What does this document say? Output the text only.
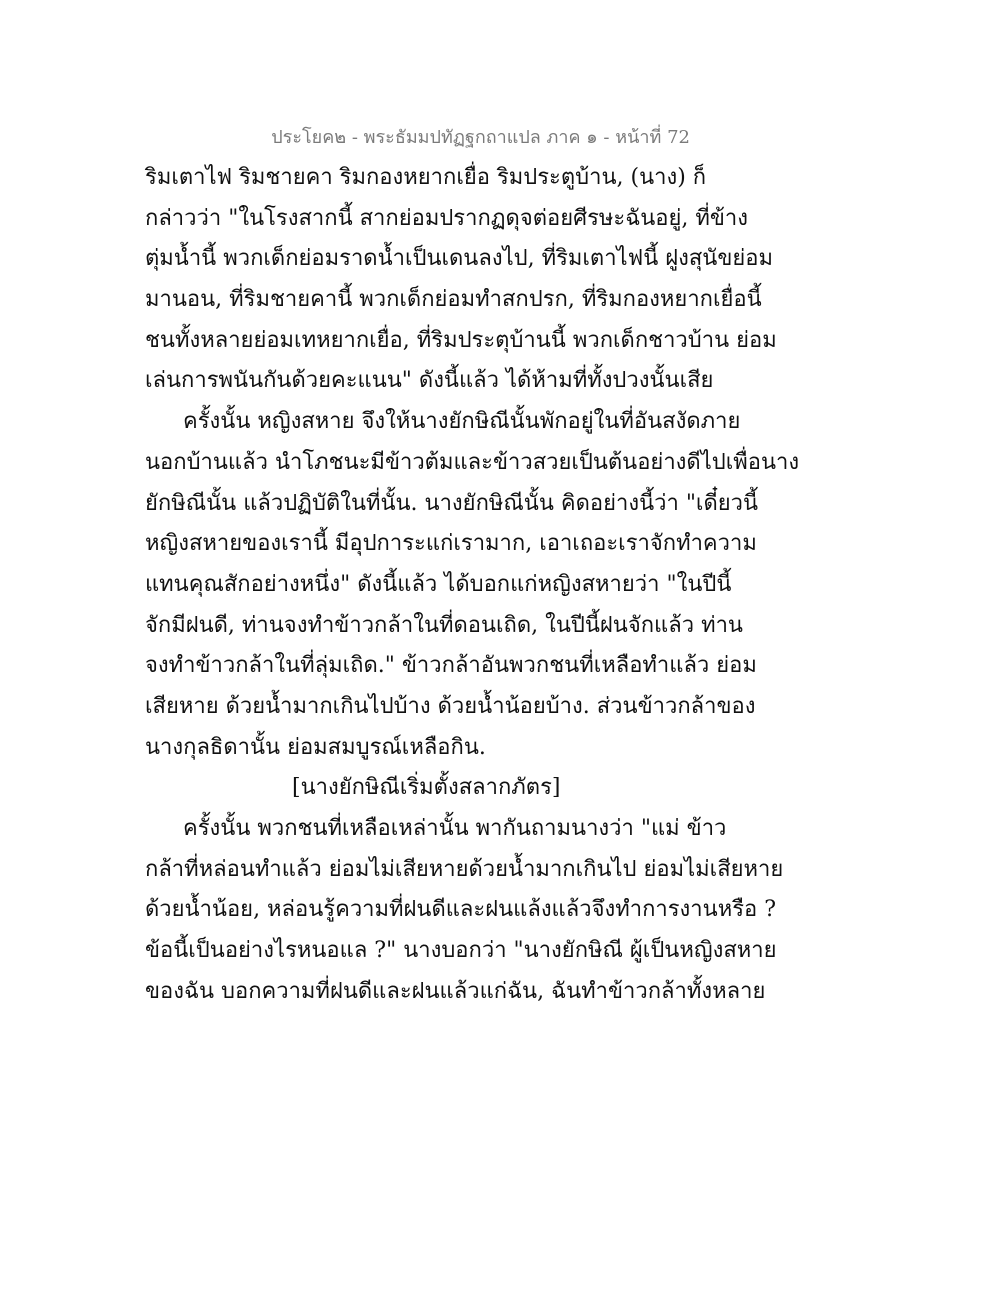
ประโยค๒ - พระธัมมปทัฏฐกถาแปล ภาค ๑ - หน้าที่ 72
ริมเตาไฟ ริมชายคา ริมกองหยากเยื่อ ริมประตูบ้าน, (นาง) ก็
กล่าวว่า "ในโรงสากนี้ สากย่อมปรากฏดุจต่อยศีรษะฉันอยู่, ที่ข้าง
ตุ่มน้ำนี้ พวกเด็กย่อมราดน้ำเป็นเดนลงไป, ที่ริมเตาไฟนี้ ฝูงสุนัขย่อม
มานอน, ที่ริมชายคานี้ พวกเด็กย่อมทำสกปรก, ที่ริมกองหยากเยื่อนี้
ชนทั้งหลายย่อมเทหยากเยื่อ, ที่ริมประตุบ้านนี้ พวกเด็กชาวบ้าน ย่อม
เล่นการพนันกันด้วยคะแนน" ดังนี้แล้ว ได้ห้ามที่ทั้งปวงนั้นเสีย
ครั้งนั้น หญิงสหาย จึงให้นางยักษิณีนั้นพักอยู่ในที่อันสงัดภาย
นอกบ้านแล้ว นำโภชนะมีข้าวต้มและข้าวสวยเป็นต้นอย่างดีไปเพื่อนาง
ยักษิณีนั้น แล้วปฏิบัติในที่นั้น. นางยักษิณีนั้น คิดอย่างนี้ว่า "เดี๋ยวนี้
หญิงสหายของเรานี้ มีอุปการะแก่เรามาก, เอาเถอะเราจักทำความ
แทนคุณสักอย่างหนึ่ง" ดังนี้แล้ว ได้บอกแก่หญิงสหายว่า "ในปีนี้
จักมีฝนดี, ท่านจงทำข้าวกล้าในที่ดอนเถิด, ในปีนี้ฝนจักแล้ว ท่าน
จงทำข้าวกล้าในที่ลุ่มเถิด." ข้าวกล้าอันพวกชนที่เหลือทำแล้ว ย่อม
เสียหาย ด้วยน้ำมากเกินไปบ้าง ด้วยน้ำน้อยบ้าง. ส่วนข้าวกล้าของ
นางกุลธิดานั้น ย่อมสมบูรณ์เหลือกิน.
[นางยักษิณีเริ่มตั้งสลากภัตร]
ครั้งนั้น พวกชนที่เหลือเหล่านั้น พากันถามนางว่า "แม่ ข้าว
กล้าที่หล่อนทำแล้ว ย่อมไม่เสียหายด้วยน้ำมากเกินไป ย่อมไม่เสียหาย
ด้วยน้ำน้อย, หล่อนรู้ความที่ฝนดีและฝนแล้งแล้วจึงทำการงานหรือ ?
ข้อนี้เป็นอย่างไรหนอแล ?" นางบอกว่า "นางยักษิณี ผู้เป็นหญิงสหาย
ของฉัน บอกความที่ฝนดีและฝนแล้วแก่ฉัน, ฉันทำข้าวกล้าทั้งหลาย
